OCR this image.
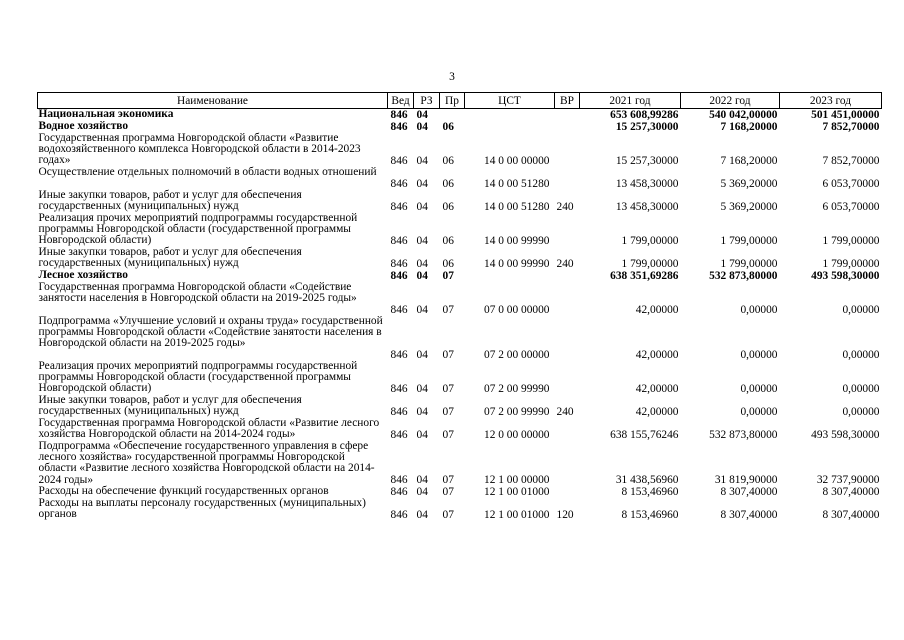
3
Наименование	Вед	РЗ	Пр	ЦСТ	ВР	2021 год	2022 год	2023 год
Национальная экономика	846	04				653 608,99286	540 042,00000	501 451,00000
Водное хозяйство	846	04	06			15 257,30000	7 168,20000	7 852,70000
Государственная программа Новгородской области «Развитие водохозяйственного комплекса Новгородской области в 2014-2023 годах»	846	04	06	14 0 00 00000		15 257,30000	7 168,20000	7 852,70000
Осуществление отдельных полномочий в области водных отношений	846	04	06	14 0 00 51280		13 458,30000	5 369,20000	6 053,70000
Иные закупки товаров, работ и услуг для обеспечения государственных (муниципальных) нужд	846	04	06	14 0 00 51280	240	13 458,30000	5 369,20000	6 053,70000
Реализация прочих мероприятий подпрограммы государственной программы Новгородской области (государственной программы Новгородской области)	846	04	06	14 0 00 99990		1 799,00000	1 799,00000	1 799,00000
Иные закупки товаров, работ и услуг для обеспечения государственных (муниципальных) нужд	846	04	06	14 0 00 99990	240	1 799,00000	1 799,00000	1 799,00000
Лесное хозяйство	846	04	07			638 351,69286	532 873,80000	493 598,30000
Государственная программа Новгородской области «Содействие занятости населения в Новгородской области на 2019-2025 годы»	846	04	07	07 0 00 00000		42,00000	0,00000	0,00000
Подпрограмма «Улучшение условий и охраны труда» государственной программы Новгородской области «Содействие занятости населения в Новгородской области на 2019-2025 годы»	846	04	07	07 2 00 00000		42,00000	0,00000	0,00000
Реализация прочих мероприятий подпрограммы государственной программы Новгородской области (государственной программы Новгородской области)	846	04	07	07 2 00 99990		42,00000	0,00000	0,00000
Иные закупки товаров, работ и услуг для обеспечения государственных (муниципальных) нужд	846	04	07	07 2 00 99990	240	42,00000	0,00000	0,00000
Государственная программа Новгородской области «Развитие лесного хозяйства Новгородской области на 2014-2024 годы»	846	04	07	12 0 00 00000		638 155,76246	532 873,80000	493 598,30000
Подпрограмма «Обеспечение государственного управления в сфере лесного хозяйства» государственной программы Новгородской области «Развитие лесного хозяйства Новгородской области на 2014-2024 годы»	846	04	07	12 1 00 00000		31 438,56960	31 819,90000	32 737,90000
Расходы на обеспечение функций государственных органов	846	04	07	12 1 00 01000		8 153,46960	8 307,40000	8 307,40000
Расходы на выплаты персоналу государственных (муниципальных) органов	846	04	07	12 1 00 01000	120	8 153,46960	8 307,40000	8 307,40000
